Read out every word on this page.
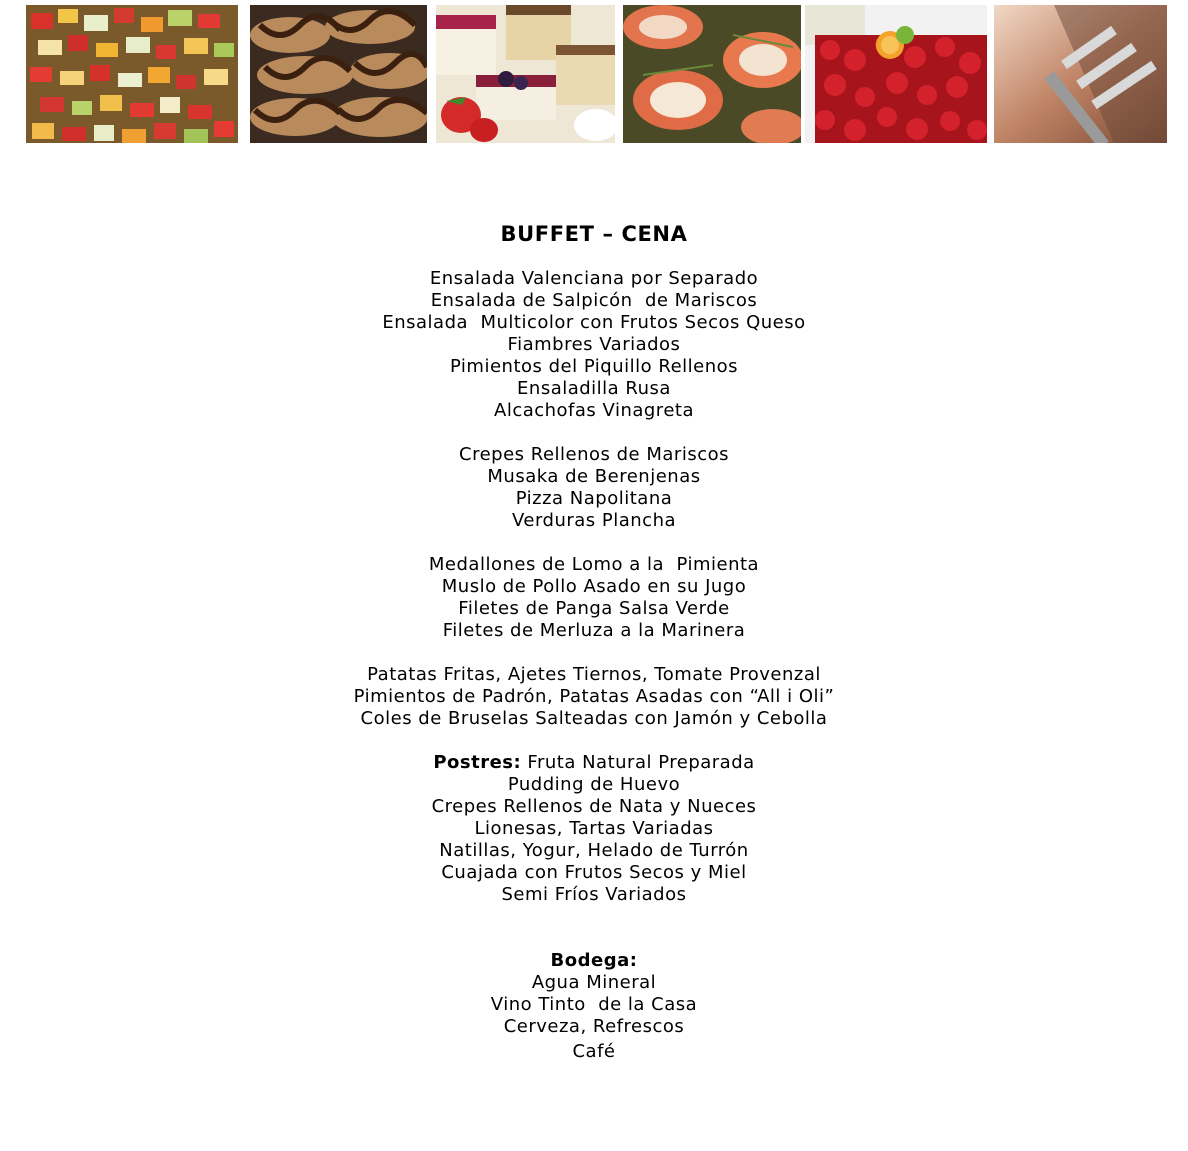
BUFFET – CENA
Ensalada Valenciana por Separado
Ensalada de Salpicón  de Mariscos
Ensalada  Multicolor con Frutos Secos Queso
Fiambres Variados
Pimientos del Piquillo Rellenos
Ensaladilla Rusa
Alcachofas Vinagreta
Crepes Rellenos de Mariscos
Musaka de Berenjenas
Pizza Napolitana
Verduras Plancha
Medallones de Lomo a la  Pimienta
Muslo de Pollo Asado en su Jugo
Filetes de Panga Salsa Verde
Filetes de Merluza a la Marinera
Patatas Fritas, Ajetes Tiernos, Tomate Provenzal
Pimientos de Padrón, Patatas Asadas con “All i Oli”
Coles de Bruselas Salteadas con Jamón y Cebolla
Postres: Fruta Natural Preparada
Pudding de Huevo
Crepes Rellenos de Nata y Nueces
Lionesas, Tartas Variadas
Natillas, Yogur, Helado de Turrón
Cuajada con Frutos Secos y Miel
Semi Fríos Variados
Bodega:
Agua Mineral
Vino Tinto  de la Casa
Cerveza, Refrescos
Café
